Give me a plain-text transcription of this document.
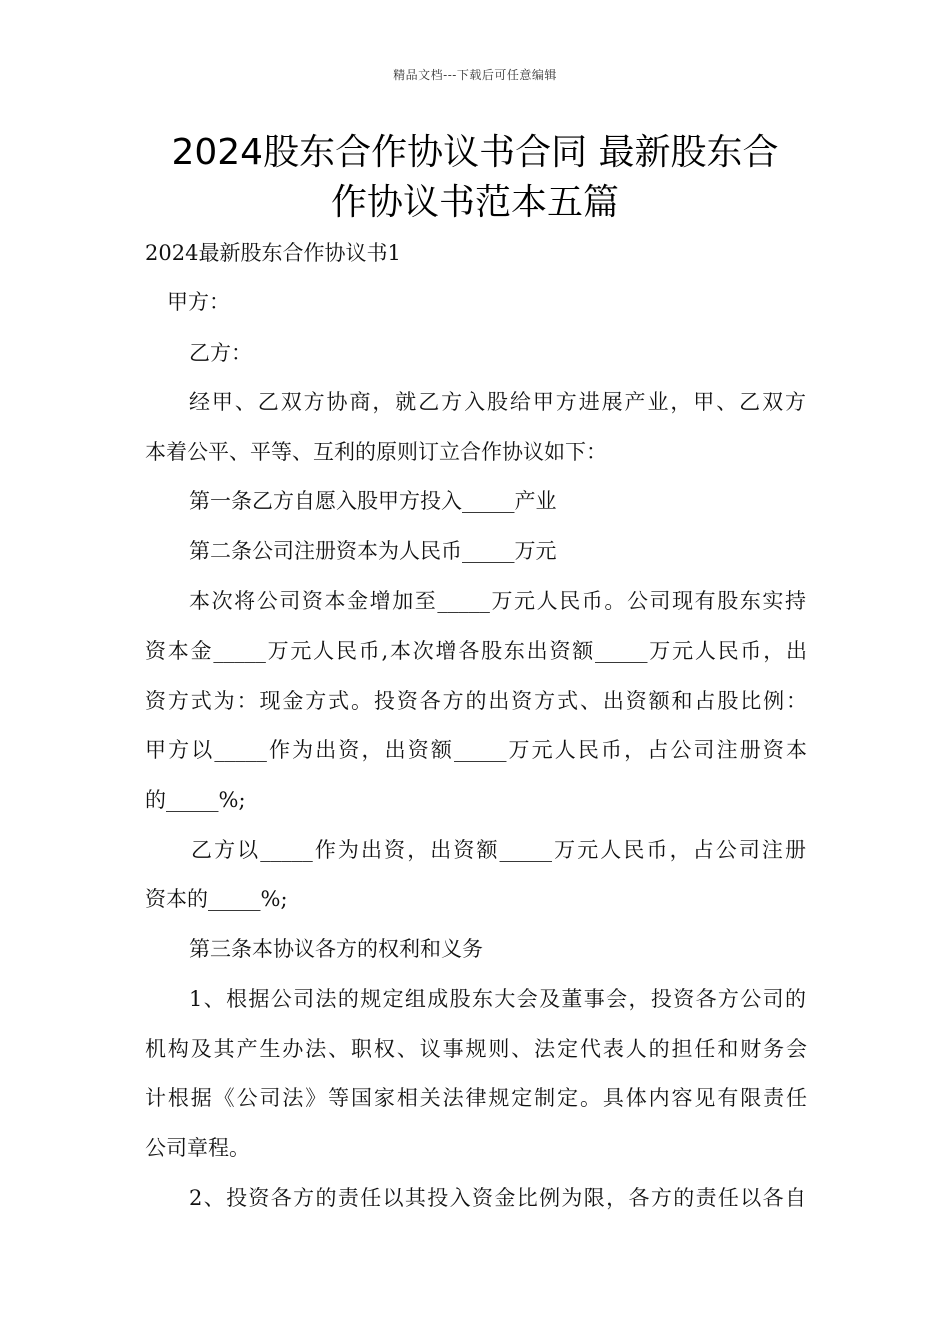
精品文档---下载后可任意编辑
2024股东合作协议书合同 最新股东合
作协议书范本五篇
2024最新股东合作协议书1
甲方：
乙方：
经甲、乙双方协商，就乙方入股给甲方进展产业，甲、乙双方
本着公平、平等、互利的原则订立合作协议如下：
第一条乙方自愿入股甲方投入_____产业
第二条公司注册资本为人民币_____万元
本次将公司资本金增加至_____万元人民币。公司现有股东实持
资本金_____万元人民币,本次增各股东出资额_____万元人民币，出
资方式为：现金方式。投资各方的出资方式、出资额和占股比例：
甲方以_____作为出资，出资额_____万元人民币，占公司注册资本
的_____%;
乙方以_____作为出资，出资额_____万元人民币，占公司注册
资本的_____%;
第三条本协议各方的权利和义务
1、根据公司法的规定组成股东大会及董事会，投资各方公司的
机构及其产生办法、职权、议事规则、法定代表人的担任和财务会
计根据《公司法》等国家相关法律规定制定。具体内容见有限责任
公司章程。
2、投资各方的责任以其投入资金比例为限，各方的责任以各自
